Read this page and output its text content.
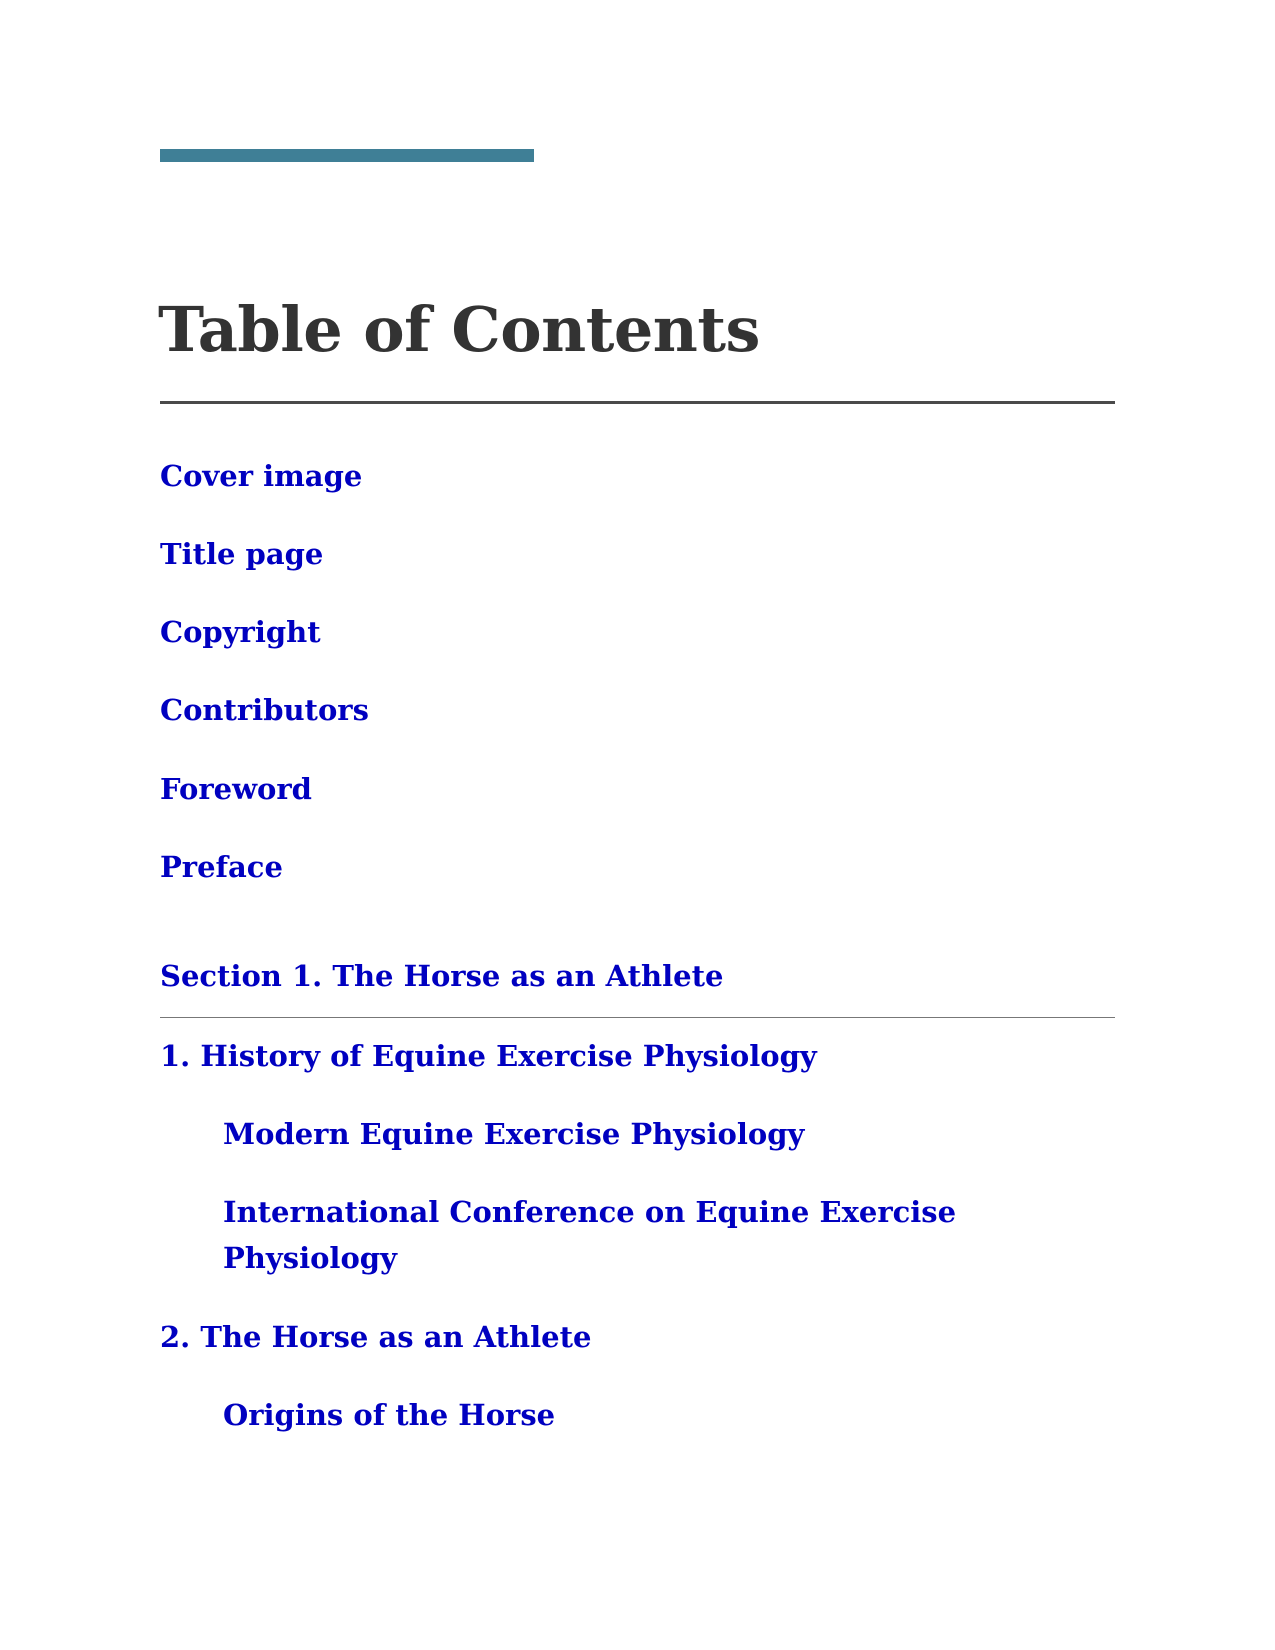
Table of Contents
Cover image
Title page
Copyright
Contributors
Foreword
Preface
Section 1. The Horse as an Athlete
1. History of Equine Exercise Physiology
Modern Equine Exercise Physiology
International Conference on Equine Exercise Physiology
2. The Horse as an Athlete
Origins of the Horse
